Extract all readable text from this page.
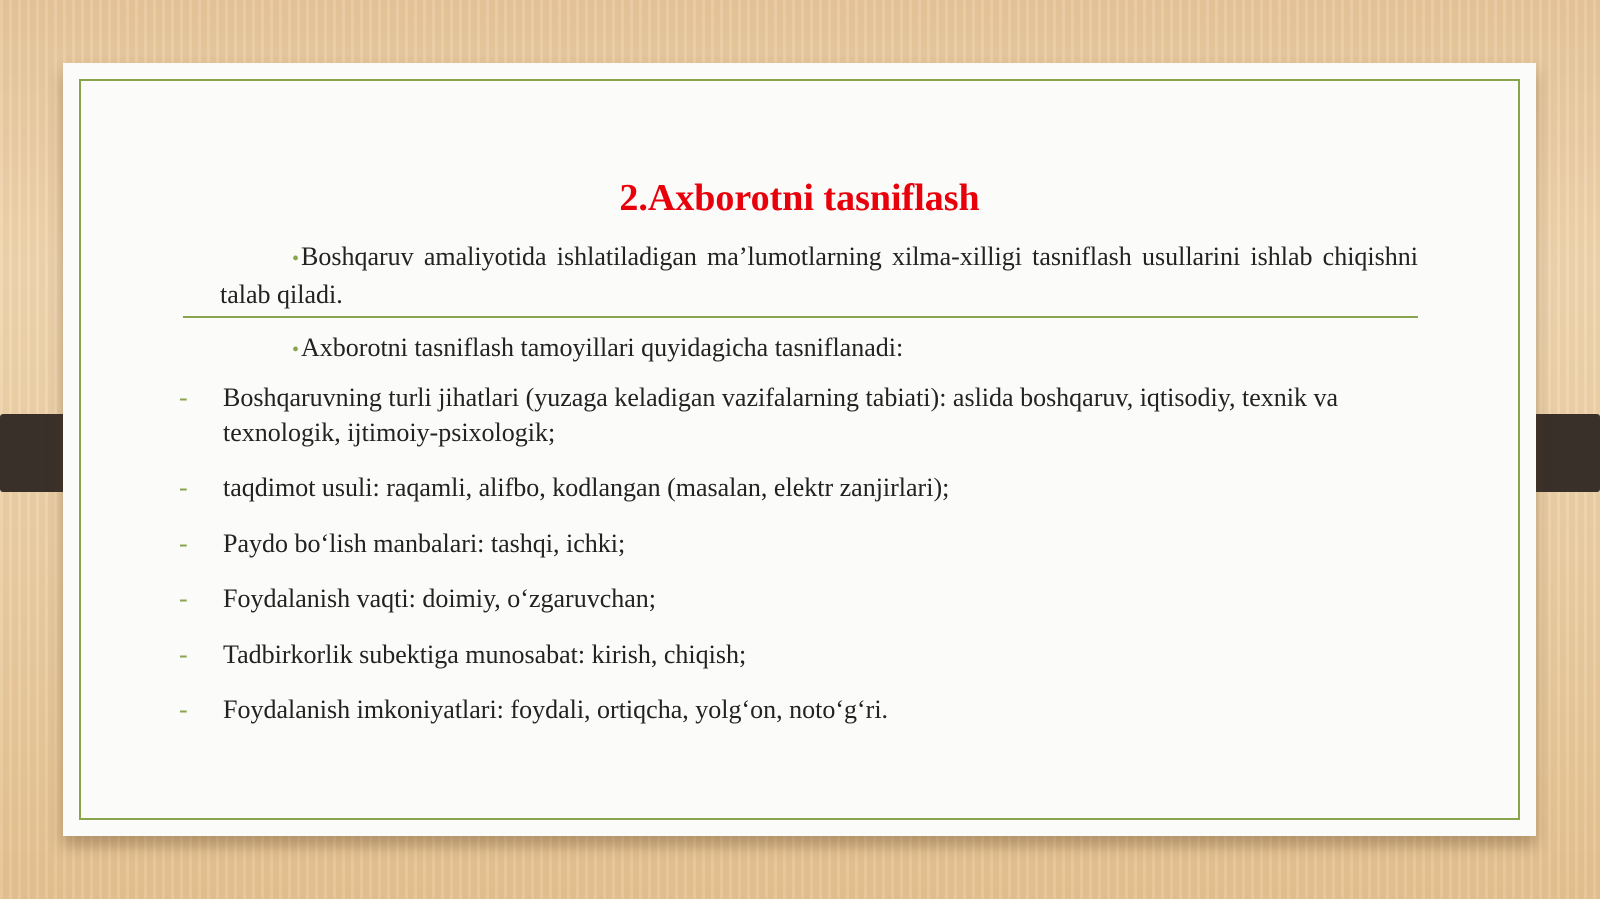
2.Axborotni tasniflash
•Boshqaruv amaliyotida ishlatiladigan ma’lumotlarning xilma-xilligi tasniflash usullarini ishlab chiqishni talab qiladi.
•Axborotni tasniflash tamoyillari quyidagicha tasniflanadi:
-	Boshqaruvning turli jihatlari (yuzaga keladigan vazifalarning tabiati): aslida boshqaruv, iqtisodiy, texnik va texnologik, ijtimoiy-psixologik;
-	taqdimot usuli: raqamli, alifbo, kodlangan (masalan, elektr zanjirlari);
-	Paydo bo‘lish manbalari: tashqi, ichki;
-	Foydalanish vaqti: doimiy, o‘zgaruvchan;
-	Tadbirkorlik subektiga munosabat: kirish, chiqish;
-	Foydalanish imkoniyatlari: foydali, ortiqcha, yolg‘on, noto‘g‘ri.
